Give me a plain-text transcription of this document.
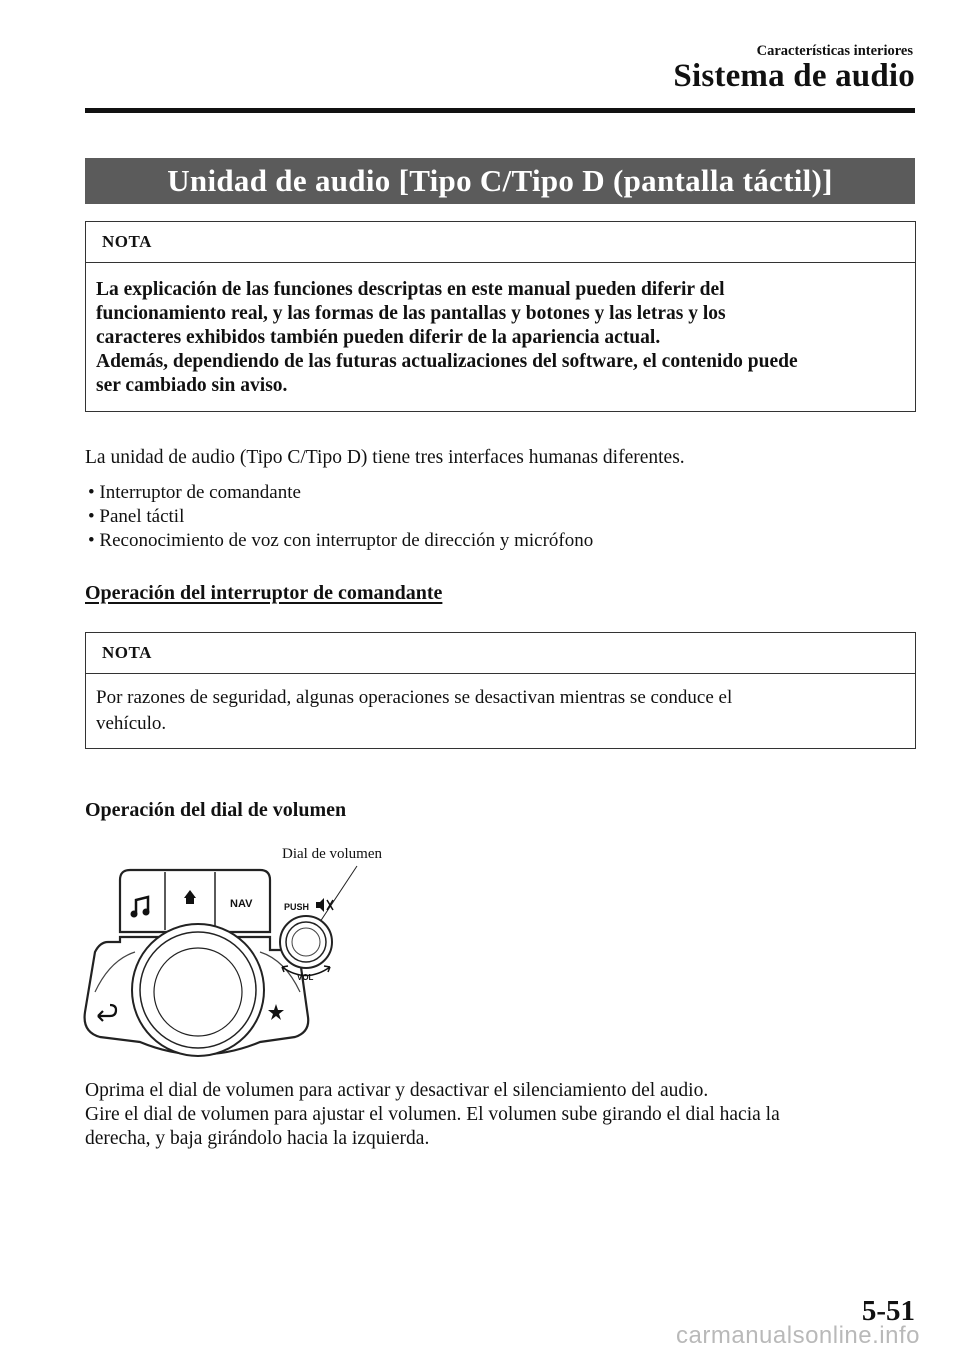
Características interiores
Sistema de audio
Unidad de audio [Tipo C/Tipo D (pantalla táctil)]
NOTA
La explicación de las funciones descriptas en este manual pueden diferir del
funcionamiento real, y las formas de las pantallas y botones y las letras y los
caracteres exhibidos también pueden diferir de la apariencia actual.
Además, dependiendo de las futuras actualizaciones del software, el contenido puede
ser cambiado sin aviso.
La unidad de audio (Tipo C/Tipo D) tiene tres interfaces humanas diferentes.
• Interruptor de comandante
• Panel táctil
• Reconocimiento de voz con interruptor de dirección y micrófono
Operación del interruptor de comandante
NOTA
Por razones de seguridad, algunas operaciones se desactivan mientras se conduce el
vehículo.
Operación del dial de volumen
Dial de volumen
NAV	PUSH
VOL
Oprima el dial de volumen para activar y desactivar el silenciamiento del audio.
Gire el dial de volumen para ajustar el volumen. El volumen sube girando el dial hacia la
derecha, y baja girándolo hacia la izquierda.
5-51
carmanualsonline.info
